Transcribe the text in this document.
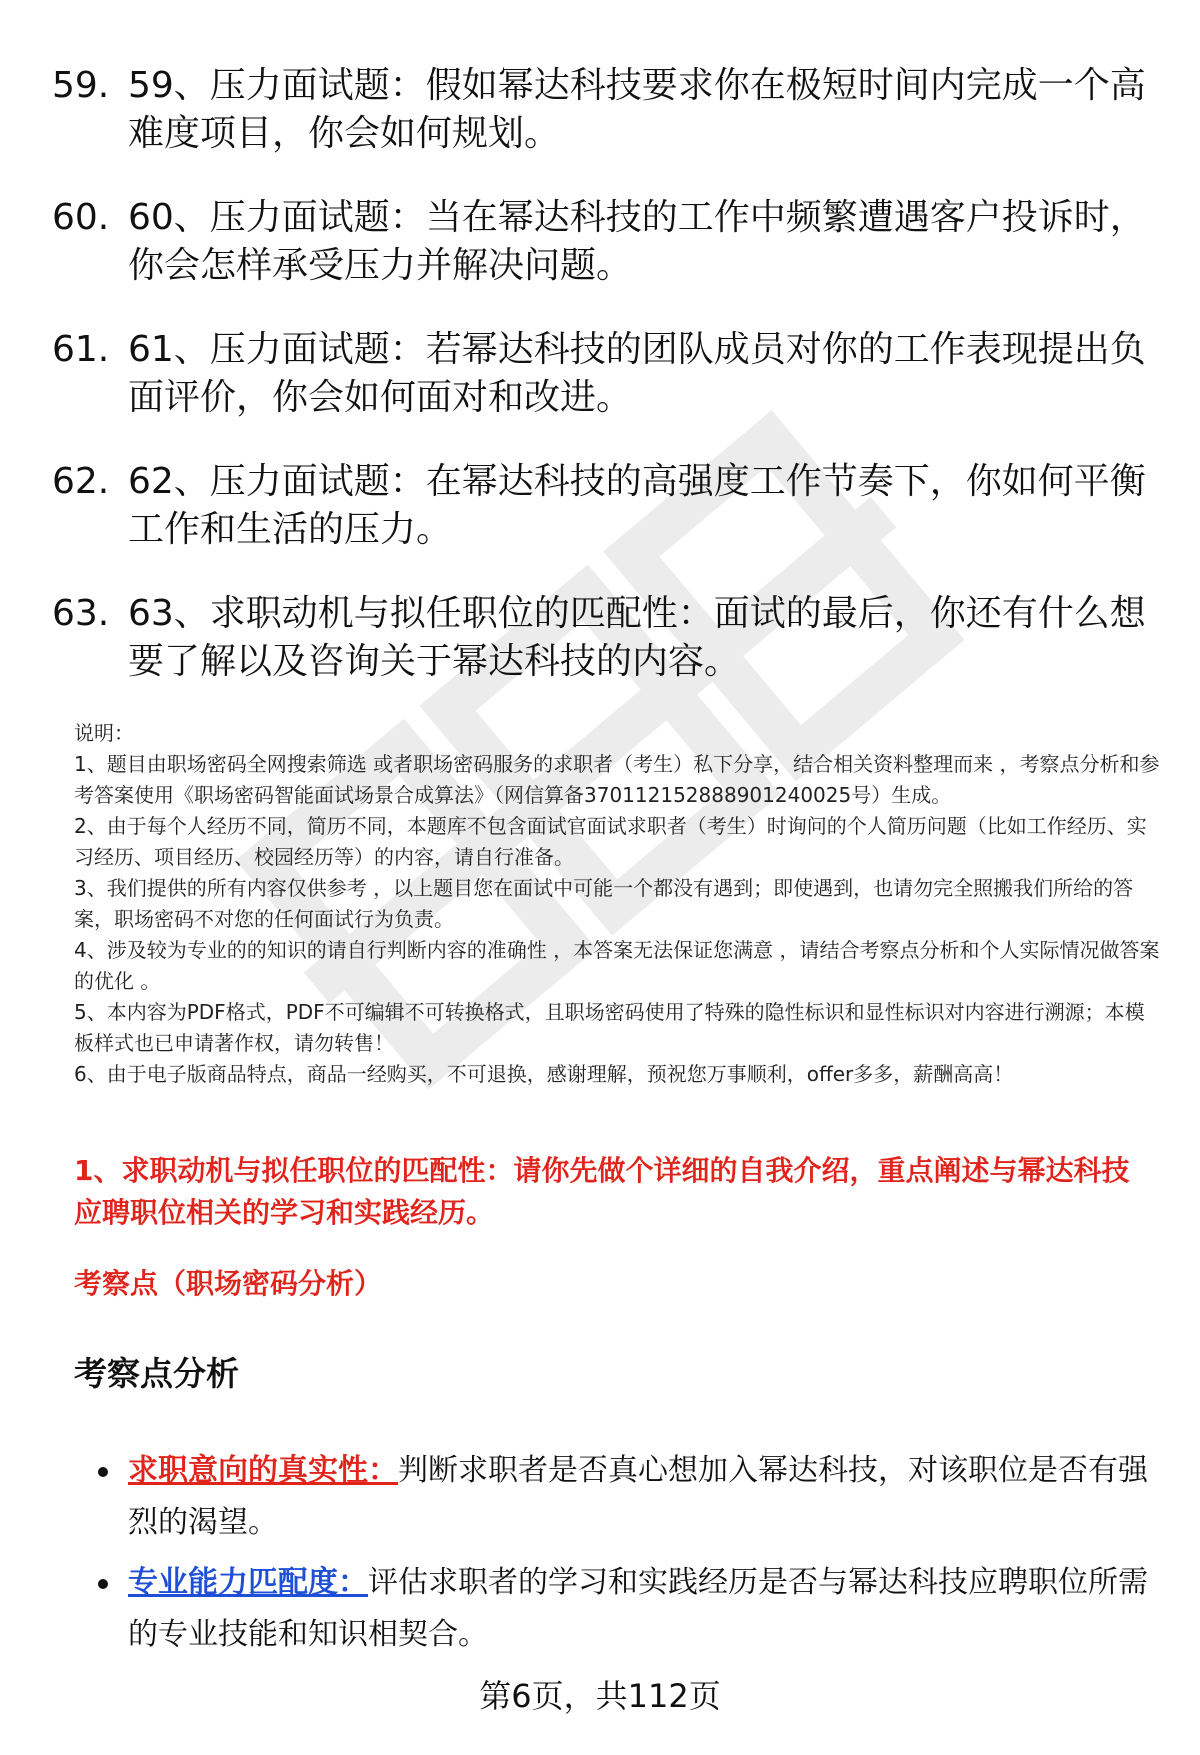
59. 59、压力面试题：假如幂达科技要求你在极短时间内完成一个高难度项目，你会如何规划。
60. 60、压力面试题：当在幂达科技的工作中频繁遭遇客户投诉时，你会怎样承受压力并解决问题。
61. 61、压力面试题：若幂达科技的团队成员对你的工作表现提出负面评价，你会如何面对和改进。
62. 62、压力面试题：在幂达科技的高强度工作节奏下，你如何平衡工作和生活的压力。
63. 63、求职动机与拟任职位的匹配性：面试的最后，你还有什么想要了解以及咨询关于幂达科技的内容。

说明：

1、题目由职场密码全网搜索筛选 或者职场密码服务的求职者（考生）私下分享，结合相关资料整理而来 ，考察点分析和参考答案使用《职场密码智能面试场景合成算法》（网信算备370112152888901240025号）生成。

2、由于每个人经历不同，简历不同，本题库不包含面试官面试求职者（考生）时询问的个人简历问题（比如工作经历、实习经历、项目经历、校园经历等）的内容，请自行准备。

3、我们提供的所有内容仅供参考 ，以上题目您在面试中可能一个都没有遇到；即使遇到，也请勿完全照搬我们所给的答案，职场密码不对您的任何面试行为负责。

4、涉及较为专业的的知识的请自行判断内容的准确性 ，本答案无法保证您满意 ，请结合考察点分析和个人实际情况做答案的优化 。

5、本内容为PDF格式，PDF不可编辑不可转换格式，且职场密码使用了特殊的隐性标识和显性标识对内容进行溯源；本模板样式也已申请著作权，请勿转售！

6、由于电子版商品特点，商品一经购买，不可退换，感谢理解，预祝您万事顺利，offer多多，薪酬高高！

1、求职动机与拟任职位的匹配性：请你先做个详细的自我介绍，重点阐述与幂达科技应聘职位相关的学习和实践经历。
考察点（职场密码分析）
考察点分析
求职意向的真实性：判断求职者是否真心想加入幂达科技，对该职位是否有强烈的渴望。
专业能力匹配度：评估求职者的学习和实践经历是否与幂达科技应聘职位所需的专业技能和知识相契合。
第6页，共112页
